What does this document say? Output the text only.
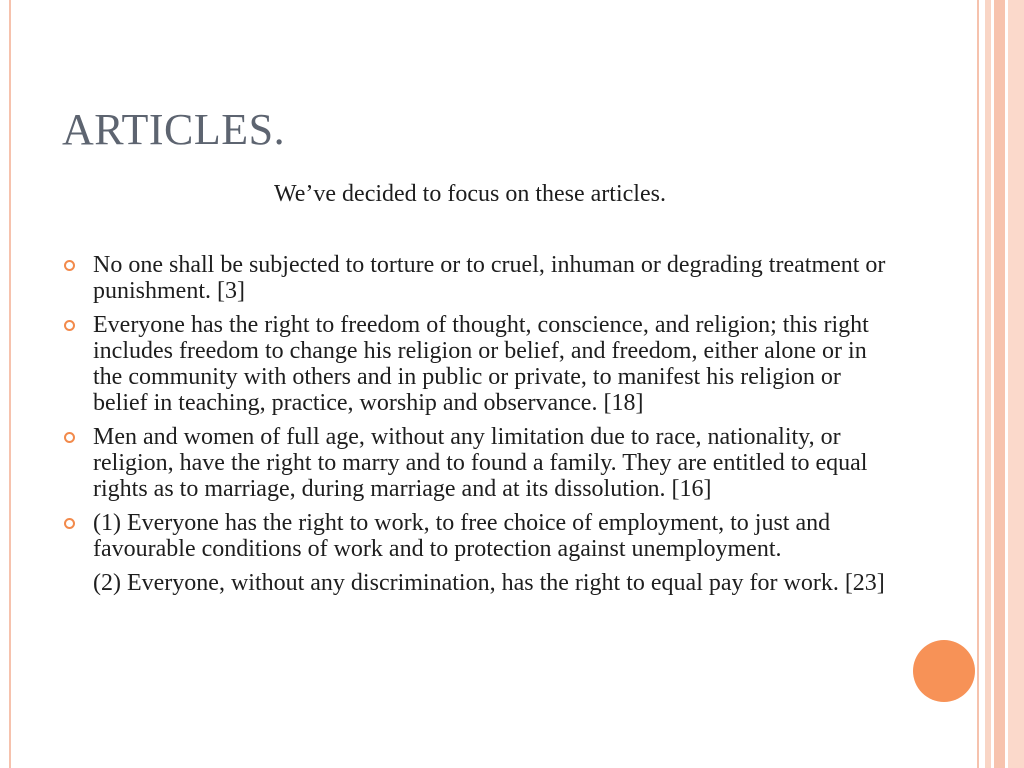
ARTICLES.
We’ve decided to focus on these articles.
No one shall be subjected to torture or to cruel, inhuman or degrading treatment or punishment. [3]
Everyone has the right to freedom of thought, conscience, and religion; this right includes freedom to change his religion or belief, and freedom, either alone or in the community with others and in public or private, to manifest his religion or belief in teaching, practice, worship and observance. [18]
Men and women of full age, without any limitation due to race, nationality, or religion, have the right to marry and to found a family. They are entitled to equal rights as to marriage, during marriage and at its dissolution. [16]
(1) Everyone has the right to work, to free choice of employment, to just and favourable conditions of work and to protection against unemployment.
(2) Everyone, without any discrimination, has the right to equal pay for work. [23]
